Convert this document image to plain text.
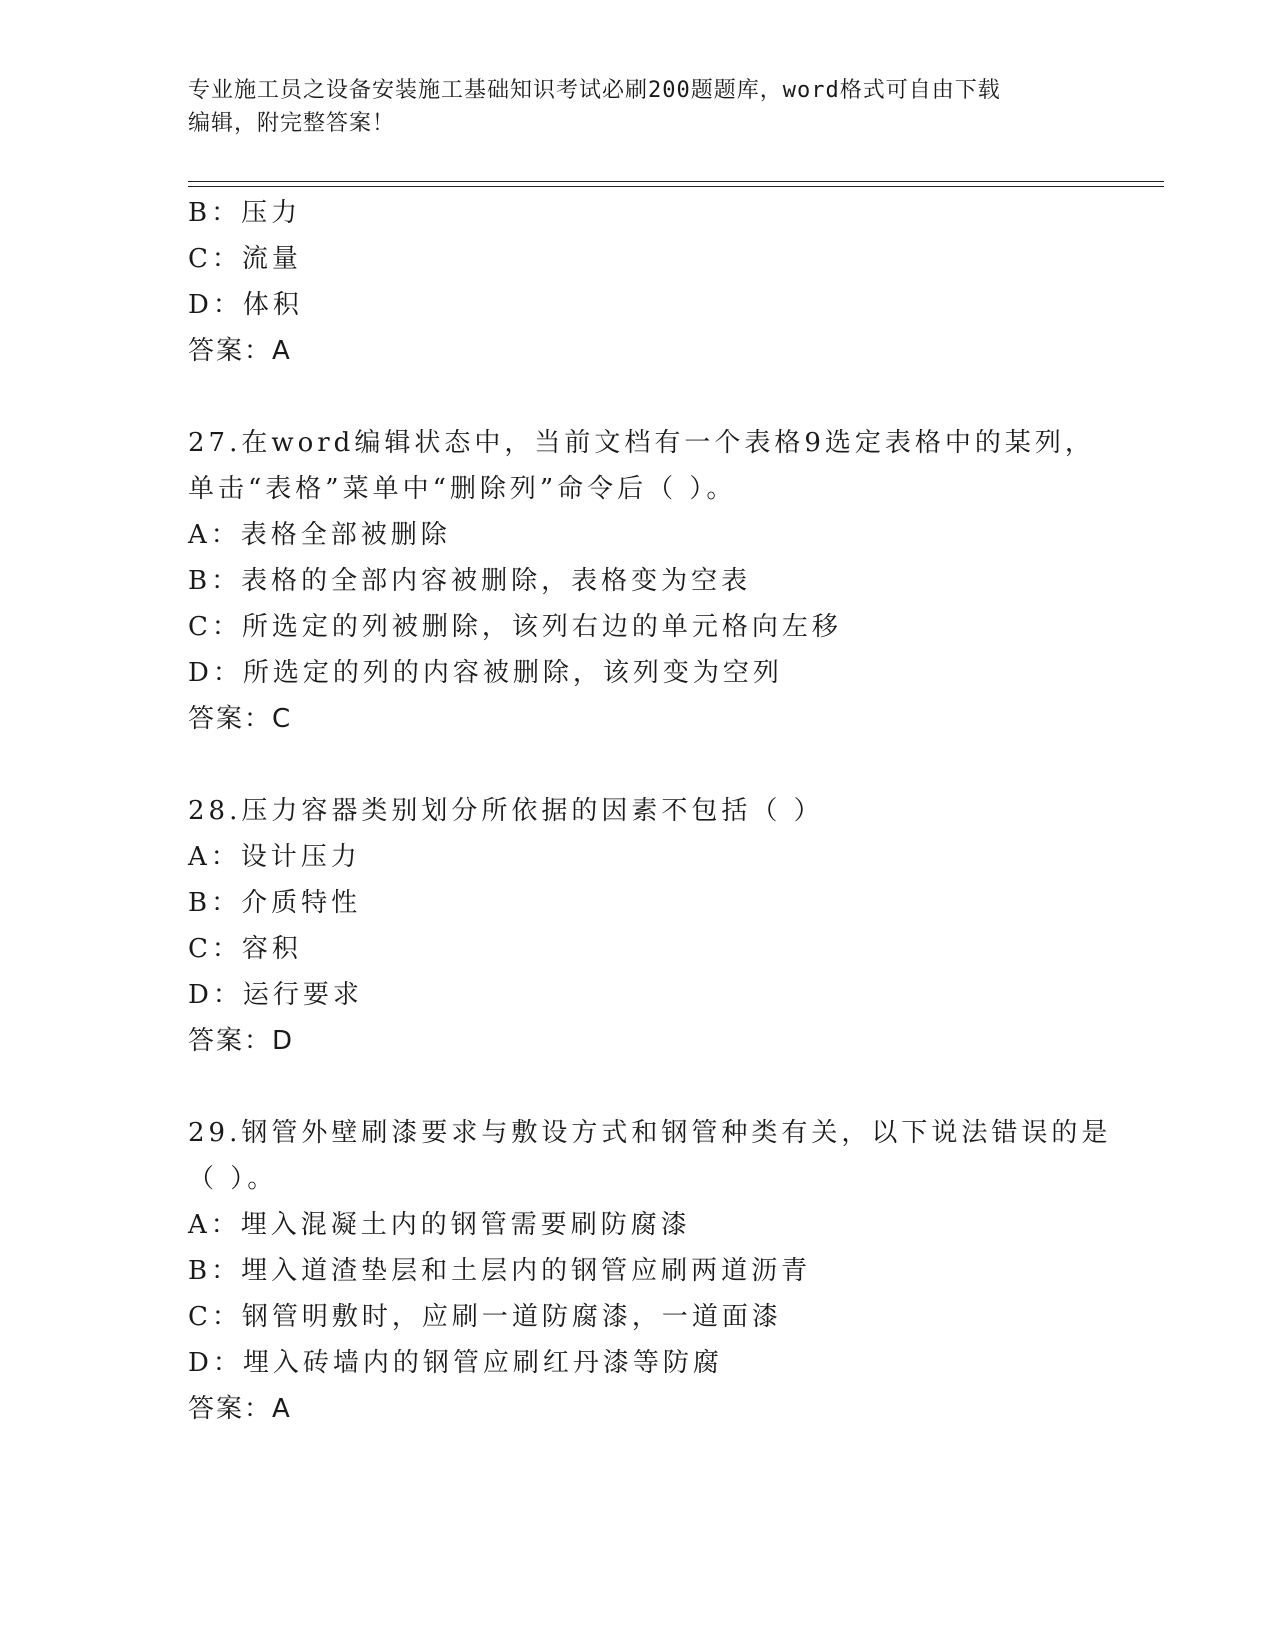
专业施工员之设备安装施工基础知识考试必刷200题题库，word格式可自由下载
编辑，附完整答案！
B：压力
C：流量
D：体积
答案：A
27.在word编辑状态中，当前文档有一个表格9选定表格中的某列，
单击“表格”菜单中“删除列”命令后（ ）。
A：表格全部被删除
B：表格的全部内容被删除，表格变为空表
C：所选定的列被删除，该列右边的单元格向左移
D：所选定的列的内容被删除，该列变为空列
答案：C
28.压力容器类别划分所依据的因素不包括（ ）
A：设计压力
B：介质特性
C：容积
D：运行要求
答案：D
29.钢管外壁刷漆要求与敷设方式和钢管种类有关，以下说法错误的是
（ ）。
A：埋入混凝土内的钢管需要刷防腐漆
B：埋入道渣垫层和土层内的钢管应刷两道沥青
C：钢管明敷时，应刷一道防腐漆，一道面漆
D：埋入砖墙内的钢管应刷红丹漆等防腐
答案：A
